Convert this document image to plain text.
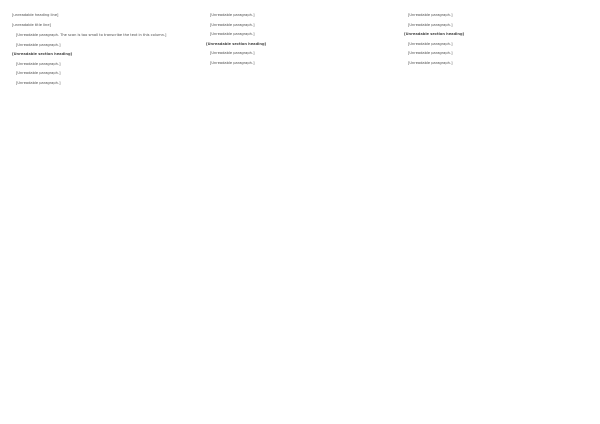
[unreadable heading line]
[unreadable title line]

[Unreadable paragraph. The scan is too small to transcribe the text in this column.]

[Unreadable paragraph.]

[Unreadable section heading]

[Unreadable paragraph.]

[Unreadable paragraph.]

[Unreadable paragraph.]

[Unreadable paragraph.]

[Unreadable paragraph.]

[Unreadable paragraph.]

[Unreadable section heading]

[Unreadable paragraph.]

[Unreadable paragraph.]

[Unreadable paragraph.]

[Unreadable paragraph.]

[Unreadable section heading]

[Unreadable paragraph.]

[Unreadable paragraph.]

[Unreadable paragraph.]
